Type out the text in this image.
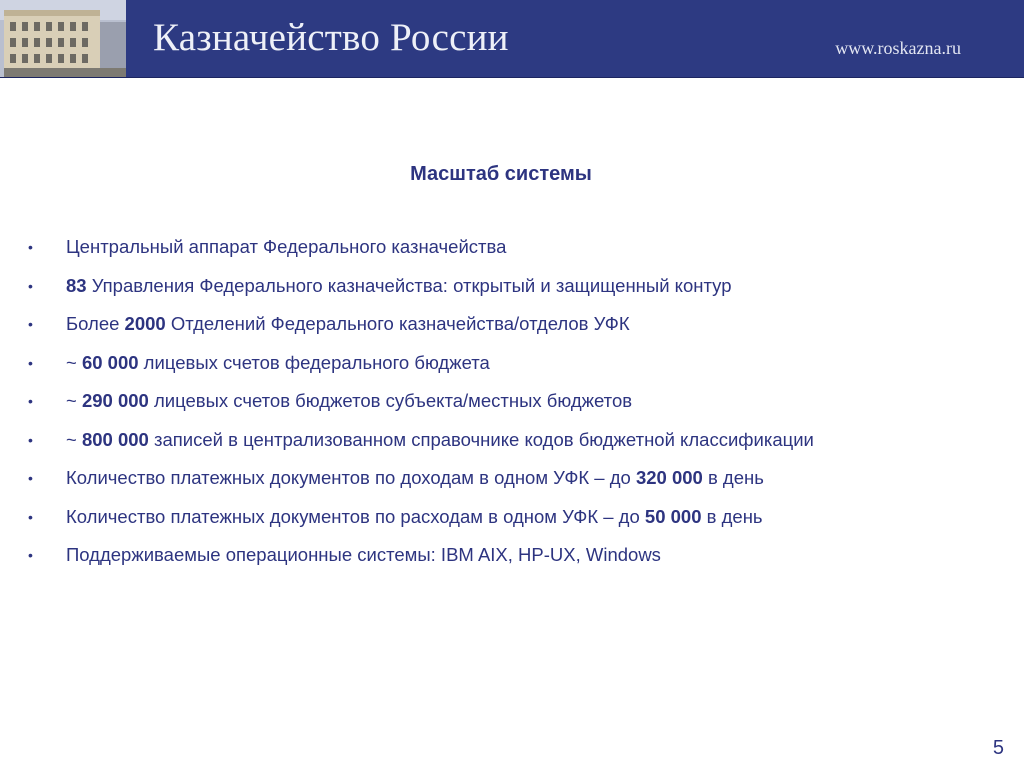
Казначейство России	www.roskazna.ru
Масштаб системы
• Центральный аппарат Федерального казначейства
• 83 Управления Федерального казначейства: открытый и защищенный контур
• Более 2000 Отделений Федерального казначейства/отделов УФК
• ~ 60 000 лицевых счетов федерального бюджета
• ~ 290 000 лицевых счетов бюджетов субъекта/местных бюджетов
• ~ 800 000 записей в централизованном справочнике кодов бюджетной классификации
• Количество платежных документов по доходам в одном УФК – до 320 000 в день
• Количество платежных документов по расходам в одном УФК – до 50 000 в день
• Поддерживаемые операционные системы: IBM AIX, HP-UX, Windows
5
